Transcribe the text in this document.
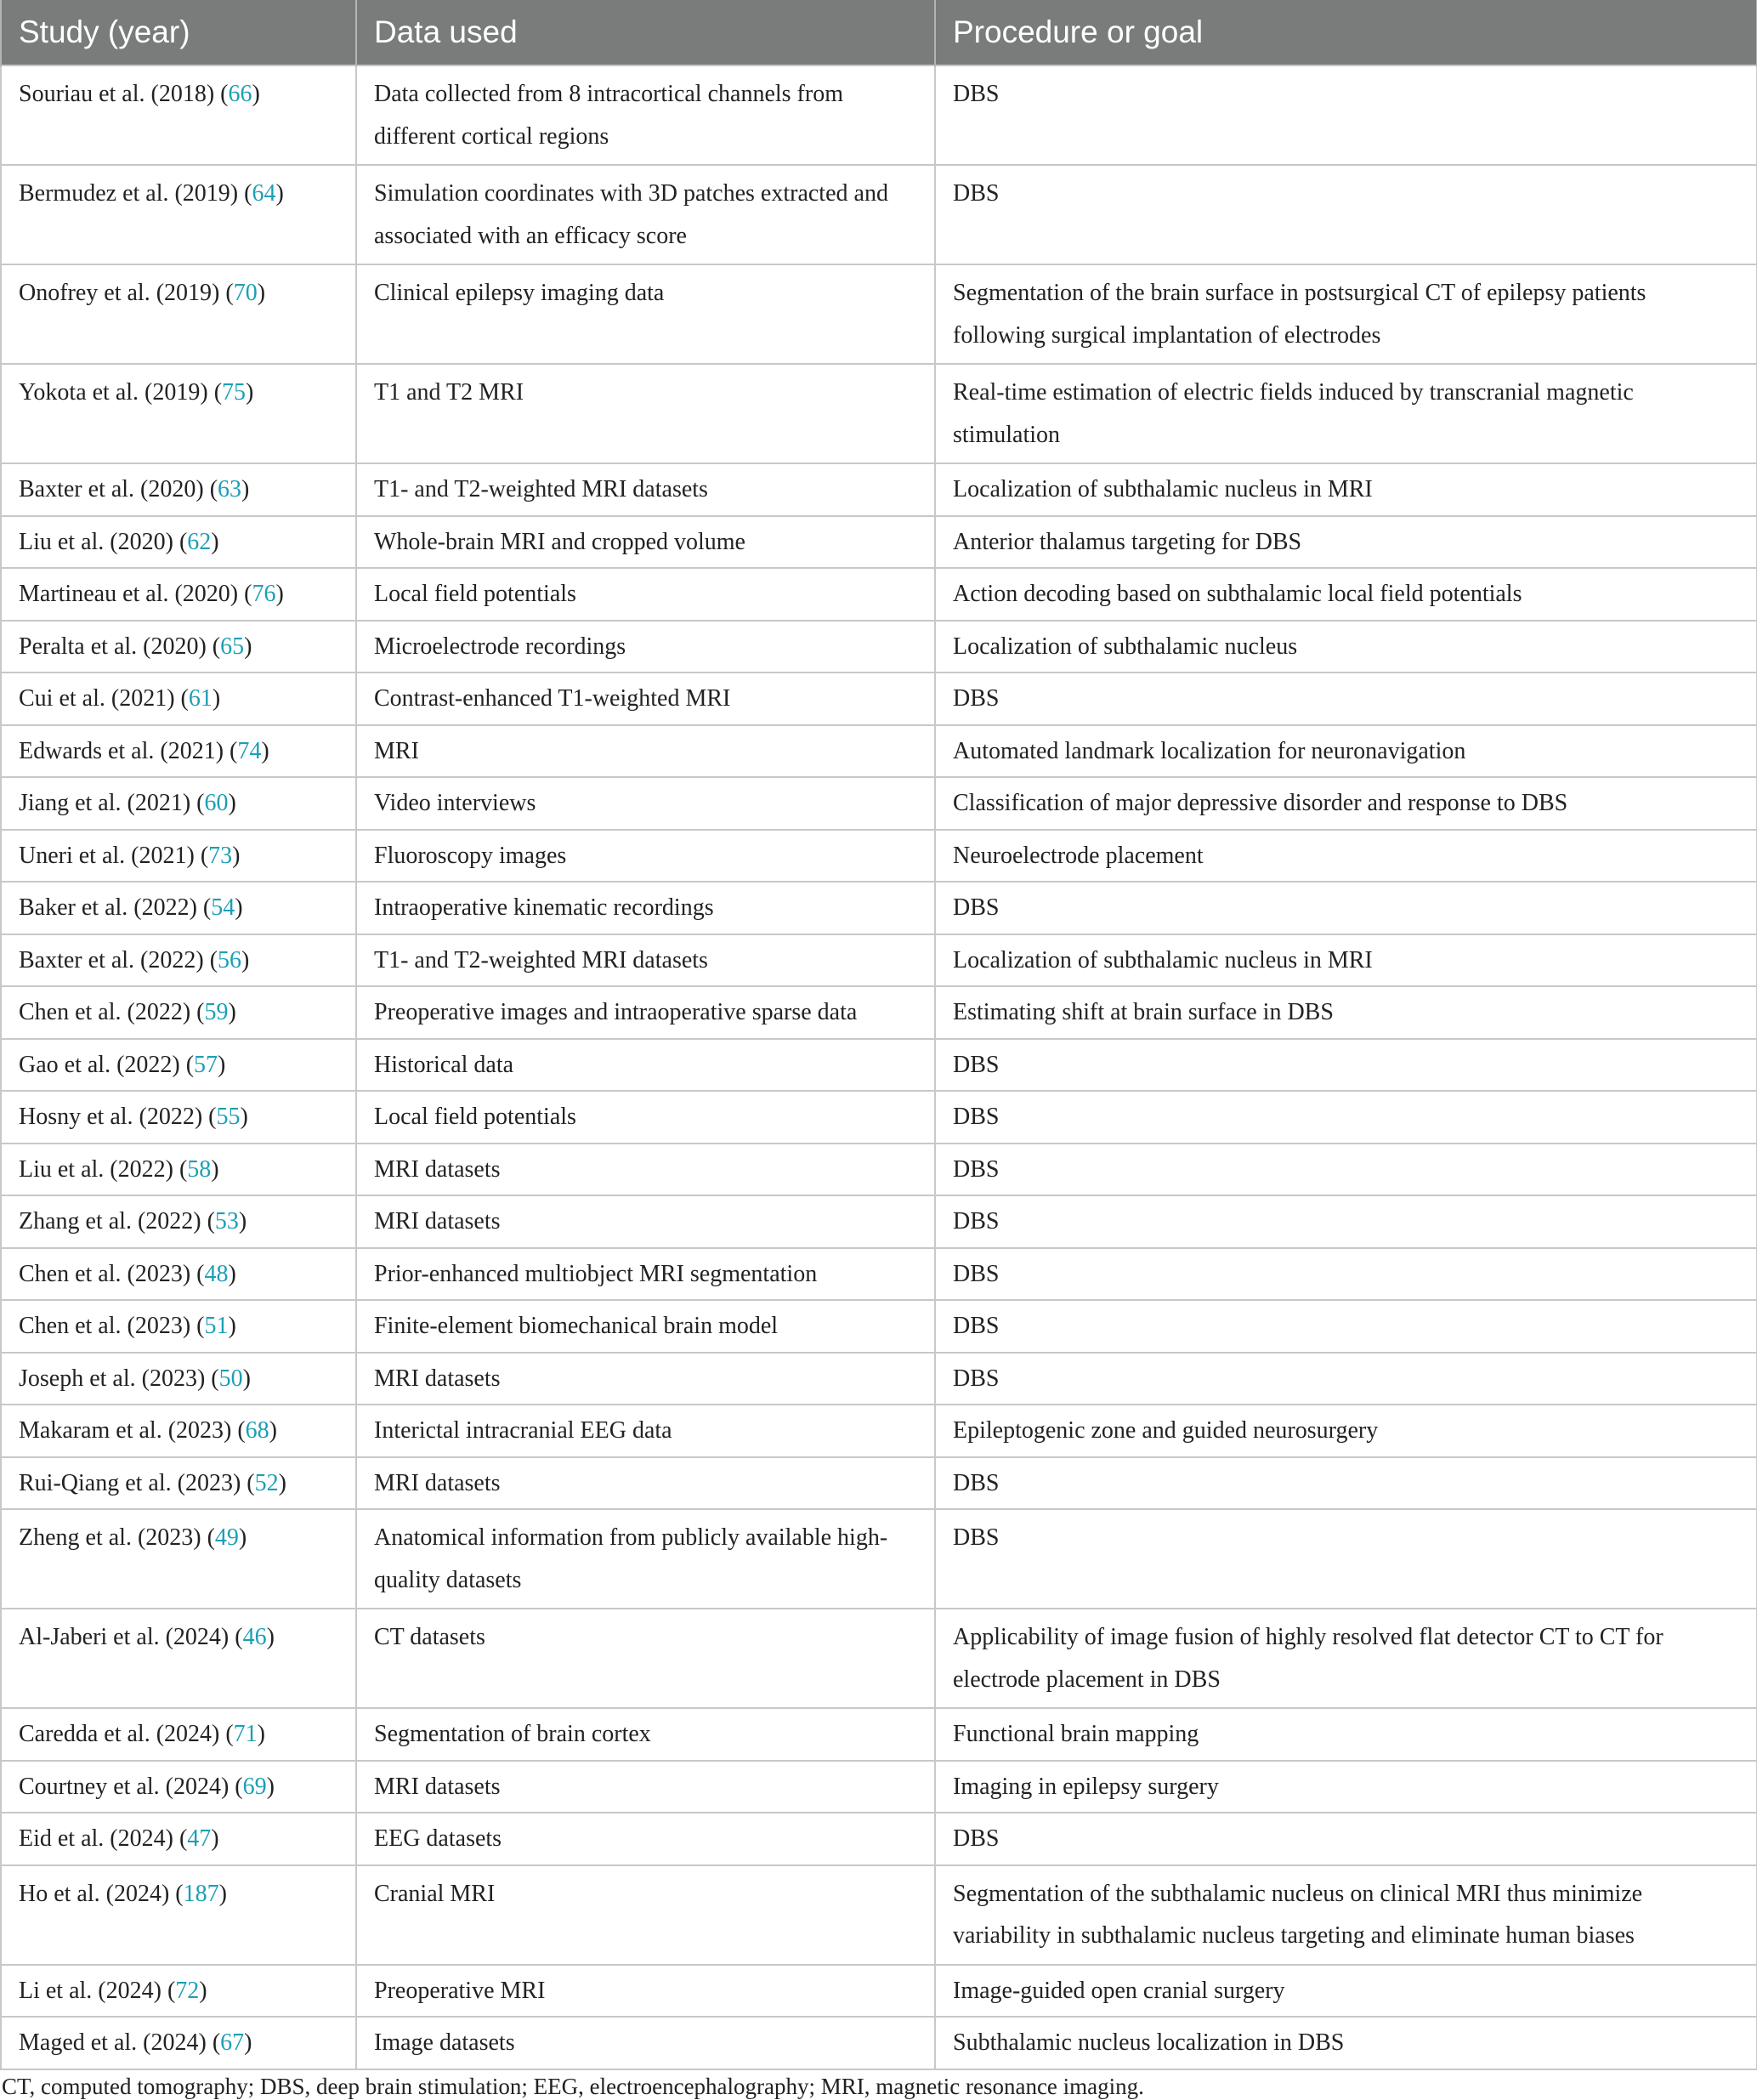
Study (year)	Data used	Procedure or goal
Souriau et al. (2018) (66)	Data collected from 8 intracortical channels from different cortical regions	DBS
Bermudez et al. (2019) (64)	Simulation coordinates with 3D patches extracted and associated with an efficacy score	DBS
Onofrey et al. (2019) (70)	Clinical epilepsy imaging data	Segmentation of the brain surface in postsurgical CT of epilepsy patients following surgical implantation of electrodes
Yokota et al. (2019) (75)	T1 and T2 MRI	Real-time estimation of electric fields induced by transcranial magnetic stimulation
Baxter et al. (2020) (63)	T1- and T2-weighted MRI datasets	Localization of subthalamic nucleus in MRI
Liu et al. (2020) (62)	Whole-brain MRI and cropped volume	Anterior thalamus targeting for DBS
Martineau et al. (2020) (76)	Local field potentials	Action decoding based on subthalamic local field potentials
Peralta et al. (2020) (65)	Microelectrode recordings	Localization of subthalamic nucleus
Cui et al. (2021) (61)	Contrast-enhanced T1-weighted MRI	DBS
Edwards et al. (2021) (74)	MRI	Automated landmark localization for neuronavigation
Jiang et al. (2021) (60)	Video interviews	Classification of major depressive disorder and response to DBS
Uneri et al. (2021) (73)	Fluoroscopy images	Neuroelectrode placement
Baker et al. (2022) (54)	Intraoperative kinematic recordings	DBS
Baxter et al. (2022) (56)	T1- and T2-weighted MRI datasets	Localization of subthalamic nucleus in MRI
Chen et al. (2022) (59)	Preoperative images and intraoperative sparse data	Estimating shift at brain surface in DBS
Gao et al. (2022) (57)	Historical data	DBS
Hosny et al. (2022) (55)	Local field potentials	DBS
Liu et al. (2022) (58)	MRI datasets	DBS
Zhang et al. (2022) (53)	MRI datasets	DBS
Chen et al. (2023) (48)	Prior-enhanced multiobject MRI segmentation	DBS
Chen et al. (2023) (51)	Finite-element biomechanical brain model	DBS
Joseph et al. (2023) (50)	MRI datasets	DBS
Makaram et al. (2023) (68)	Interictal intracranial EEG data	Epileptogenic zone and guided neurosurgery
Rui-Qiang et al. (2023) (52)	MRI datasets	DBS
Zheng et al. (2023) (49)	Anatomical information from publicly available high-quality datasets	DBS
Al-Jaberi et al. (2024) (46)	CT datasets	Applicability of image fusion of highly resolved flat detector CT to CT for electrode placement in DBS
Caredda et al. (2024) (71)	Segmentation of brain cortex	Functional brain mapping
Courtney et al. (2024) (69)	MRI datasets	Imaging in epilepsy surgery
Eid et al. (2024) (47)	EEG datasets	DBS
Ho et al. (2024) (187)	Cranial MRI	Segmentation of the subthalamic nucleus on clinical MRI thus minimize variability in subthalamic nucleus targeting and eliminate human biases
Li et al. (2024) (72)	Preoperative MRI	Image-guided open cranial surgery
Maged et al. (2024) (67)	Image datasets	Subthalamic nucleus localization in DBS

CT, computed tomography; DBS, deep brain stimulation; EEG, electroencephalography; MRI, magnetic resonance imaging.
